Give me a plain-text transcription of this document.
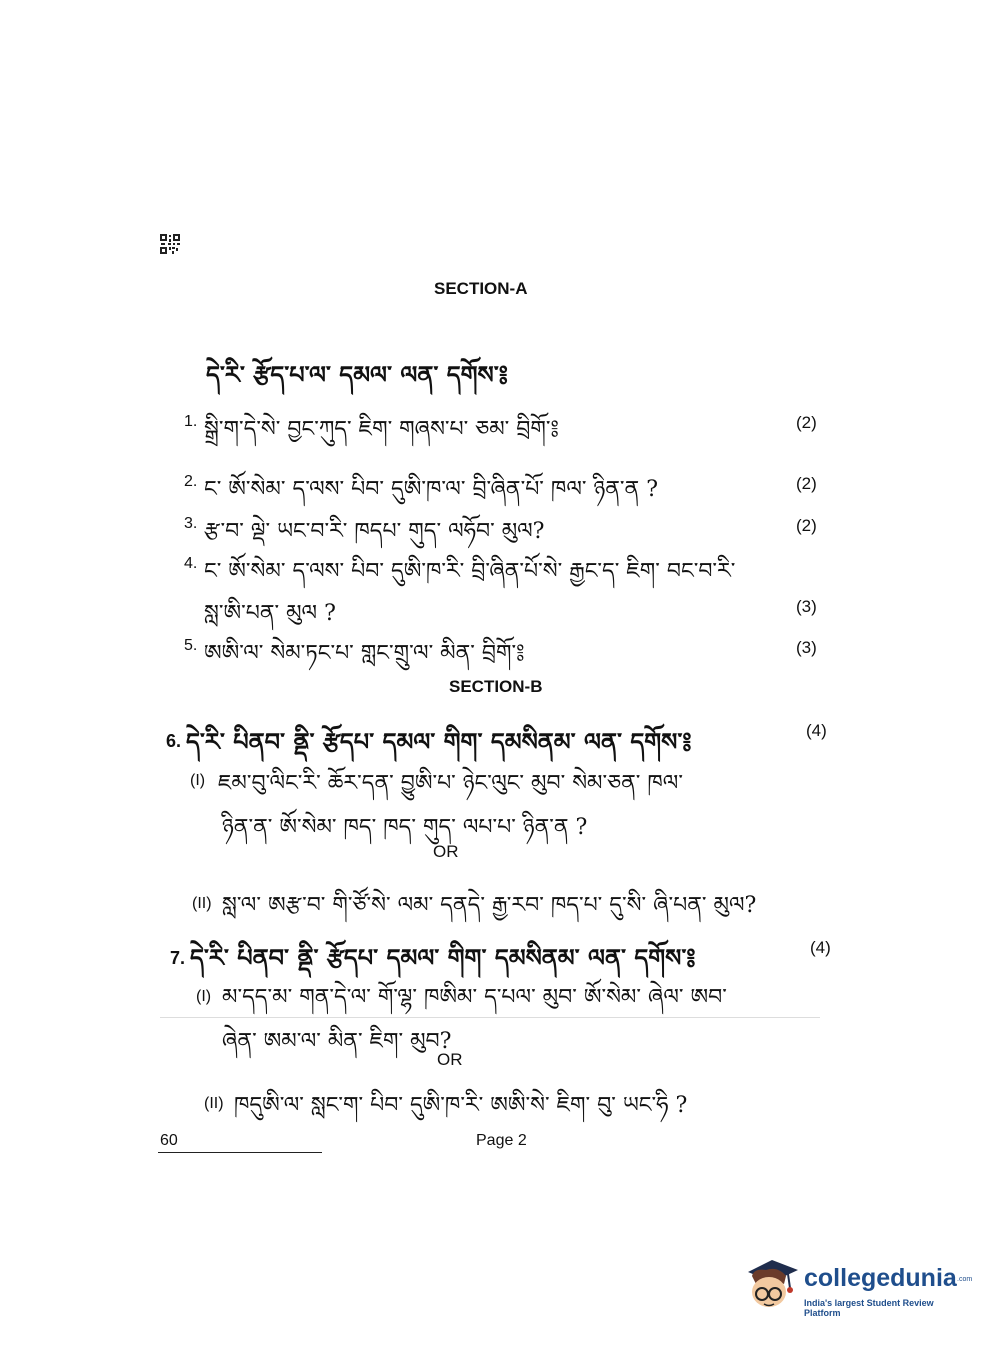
SECTION-A
དེ་རི་ རྩོད་པ་ལ་ དམལ་ ལན་ དགོས་༔
1. སྒྲི་ག་དེ་སེ་ བྱང་ཀུད་ ཇིག་ གཞས་པ་ ཅམ་ བྲིགོ་༔	(2)
2. ང་ ཨོ་སེམ་ ད་ལས་ པིབ་ དུཨི་ཁ་ལ་ བྲི་ཞིན་པོ་ ཁལ་ ཉིན་ན ?	(2)
3. རྩ་བ་ ལྡེ་ ཡང་བ་རི་ ཁདཔ་ གུད་ ལཧོབ་ མུལ?	(2)
4. ང་ ཨོ་སེམ་ ད་ལས་ པིབ་ དུཨི་ཁ་རི་ བྲི་ཞིན་པོ་སེ་ རྒྱང་ད་ ཇིག་ བང་བ་རི་
སླ་ཨི་པན་ མུལ ?	(3)
5. ཨཨི་ལ་ སེམ་ཏང་པ་ གླང་གྲུ་ལ་ མིན་ བྲིགོ་༔	(3)
SECTION-B
6. དེ་རི་ པིནབ་ ནྡི་ རྩོདཔ་ དམལ་ གིག་ དམསིནམ་ ལན་ དགོས་༔	(4)
(I) ཇམ་བུ་ལིང་རི་ ཆོར་དན་ བྱུཨི་པ་ ཉེང་ལུང་ མུབ་ སེམ་ཅན་ ཁལ་
ཉིན་ན་ ཨོ་སེམ་ ཁད་ ཁད་ གུད་ ལཔ་པ་ ཉིན་ན ?
OR
(II) སླ་ལ་ ཨརྩ་བ་ གི་ཙོ་སེ་ ལམ་ དནདེ་ རྒྱ་རབ་ ཁད་པ་ དུ་སི་ ཞི་པན་ མུལ?
7. དེ་རི་ པིནབ་ ནྡི་ རྩོདཔ་ དམལ་ གིག་ དམསིནམ་ ལན་ དགོས་༔	(4)
(I) མ་དད་མ་ གན་དེ་ལ་ གོ་ལྷ་ ཁཨིམ་ ད་པལ་ མུབ་ ཨོ་སེམ་ ཞེལ་ ཨབ་
ཞེན་ ཨམ་ལ་ མིན་ ཇིག་ མུབ?
OR
(II) ཁདུཨི་ལ་ སླང་ག་ པིབ་ དུཨི་ཁ་རི་ ཨཨི་སེ་ ཇིག་ བུ་ ཡང་ཧི ?
60	Page 2
collegedunia .com
India's largest Student Review Platform
